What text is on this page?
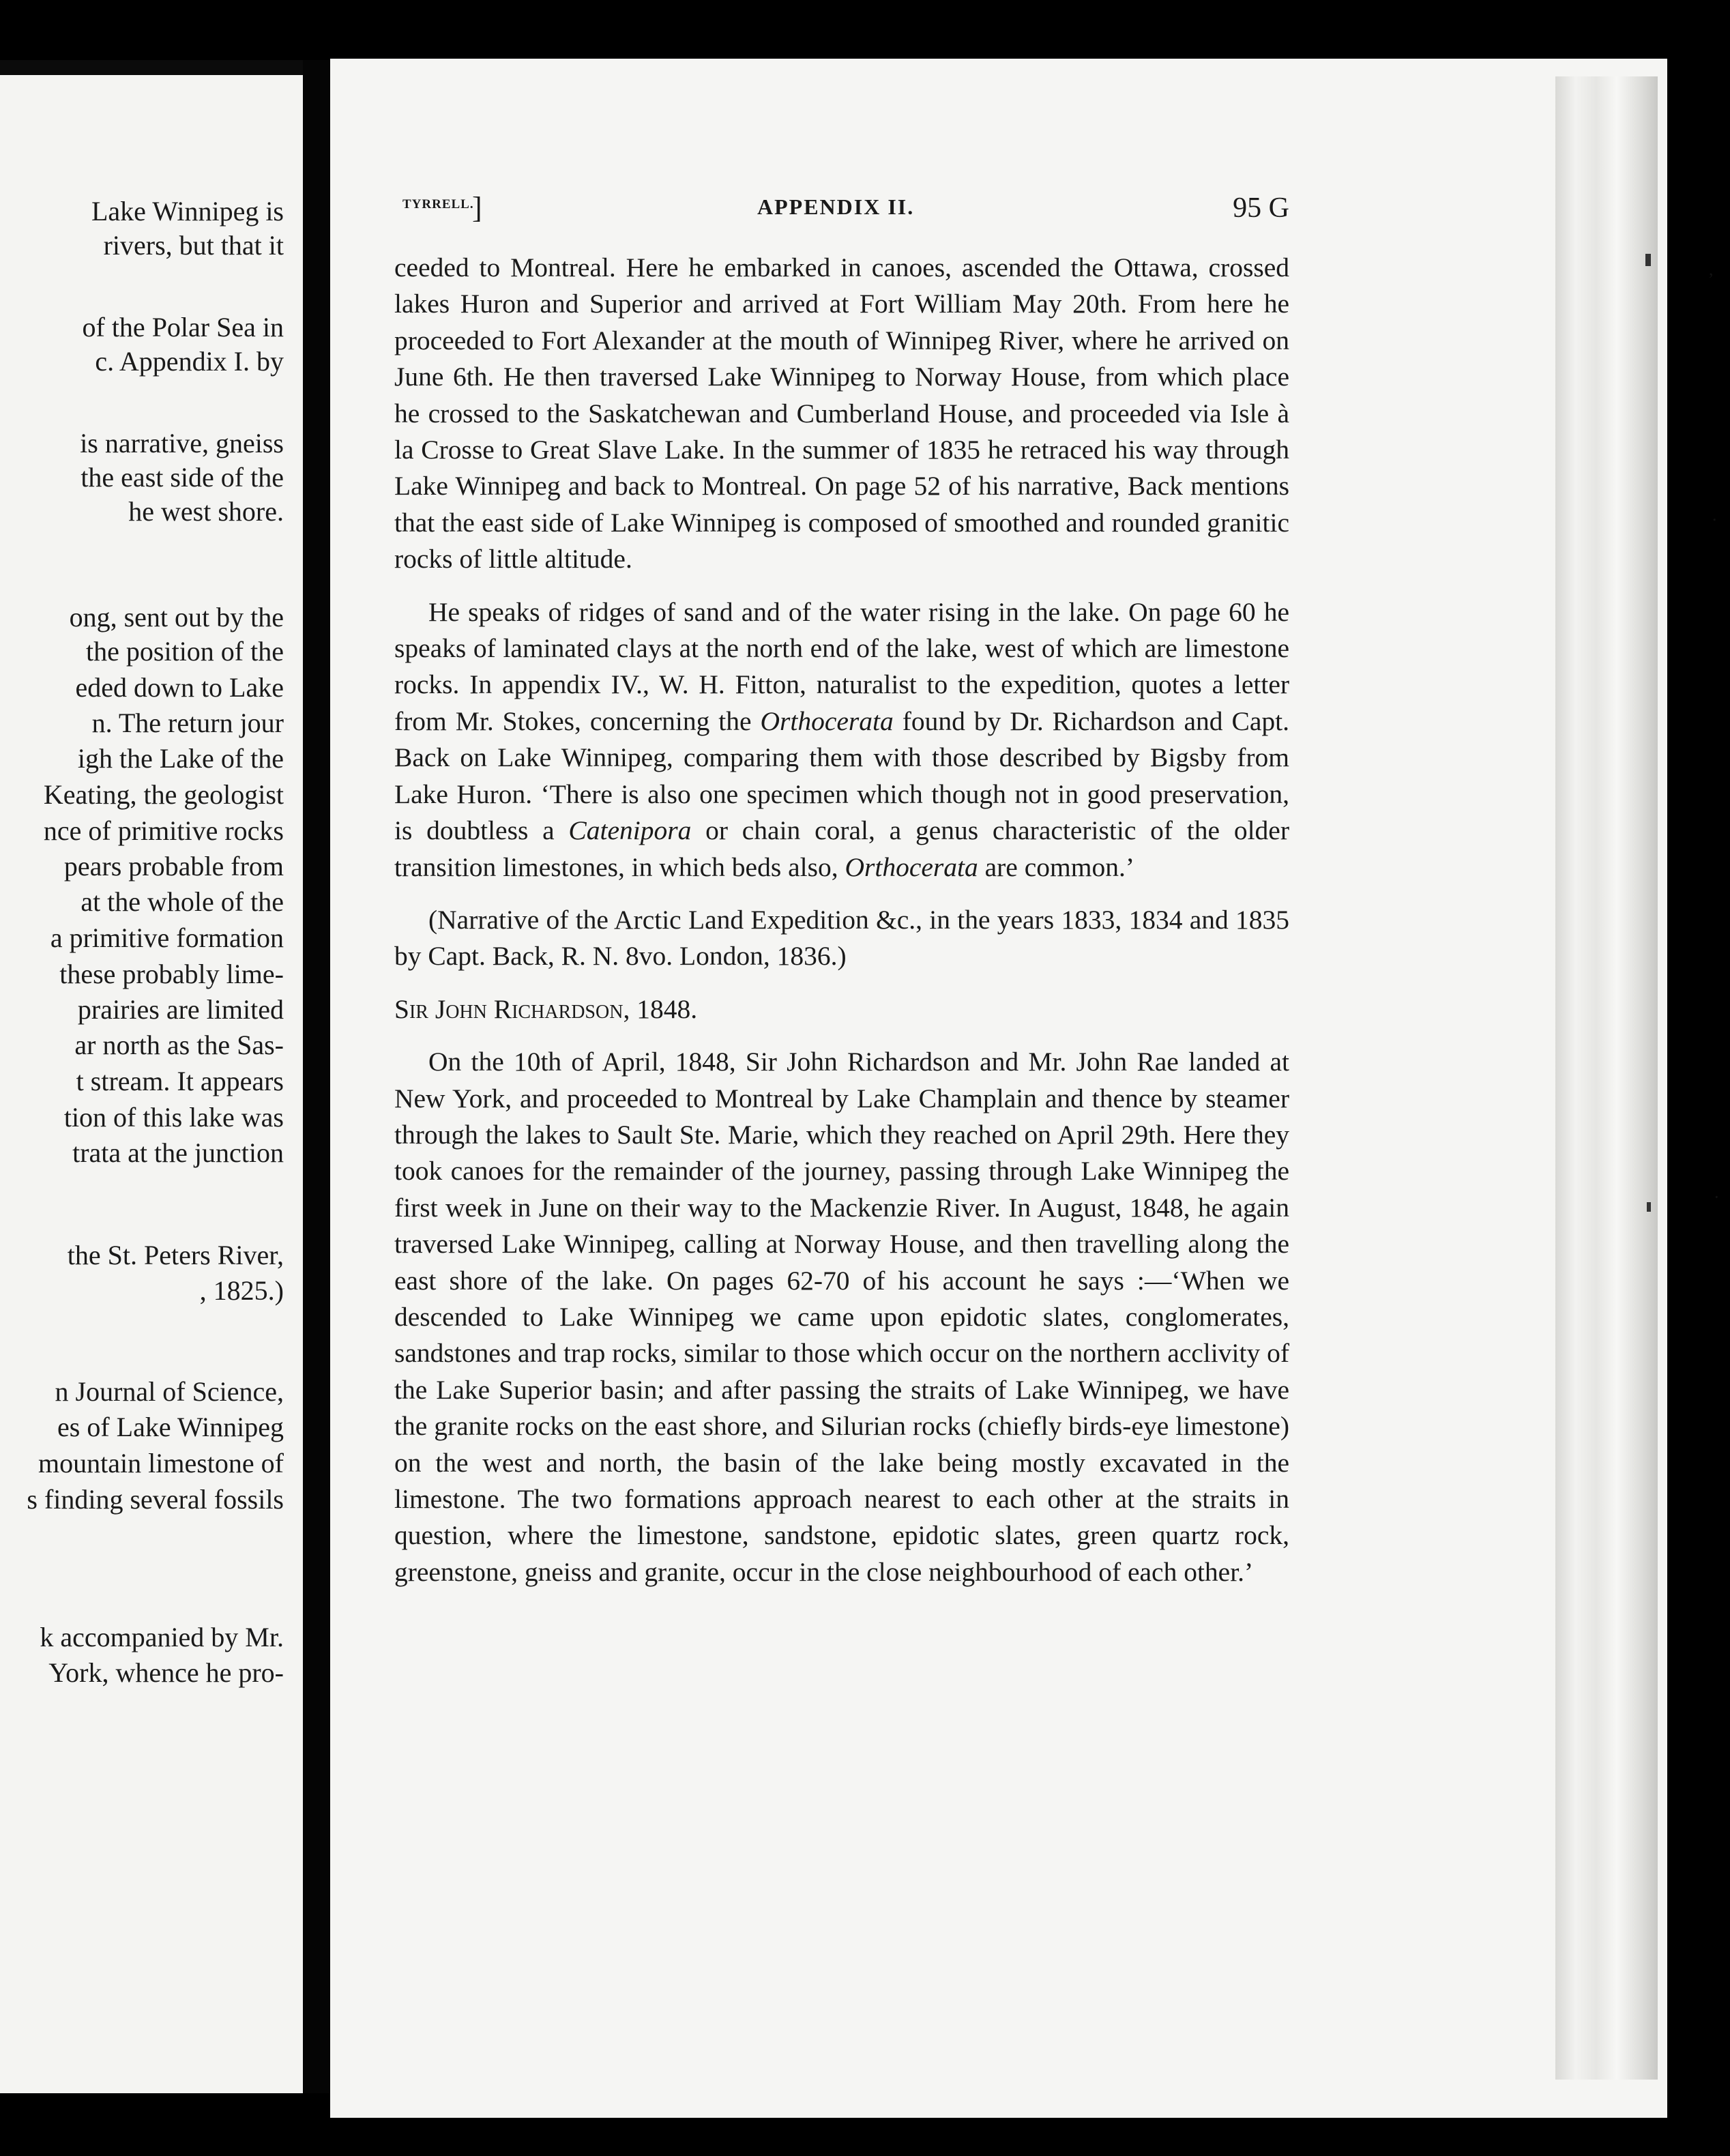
Lake Winnipeg is
rivers, but that it
of the Polar Sea in
c. Appendix I. by
is narrative, gneiss
the east side of the
he west shore.
ong, sent out by the
the position of the
eded down to Lake
n. The return jour
igh the Lake of the
Keating, the geologist
nce of primitive rocks
pears probable from
at the whole of the
a primitive formation
these probably lime-
prairies are limited
ar north as the Sas-
t stream. It appears
tion of this lake was
trata at the junction
the St. Peters River,
, 1825.)
n Journal of Science,
es of Lake Winnipeg
mountain limestone of
s finding several fossils
k accompanied by Mr.
York, whence he pro-
TYRRELL.
]	APPENDIX II.	95 G

ceeded to Montreal. Here he embarked in canoes, ascended the Ottawa, crossed lakes Huron and Superior and arrived at Fort William May 20th. From here he proceeded to Fort Alexander at the mouth of Winnipeg River, where he arrived on June 6th. He then traversed Lake Winnipeg to Norway House, from which place he crossed to the Saskatchewan and Cumberland House, and proceeded via Isle à la Crosse to Great Slave Lake. In the summer of 1835 he retraced his way through Lake Winnipeg and back to Montreal. On page 52 of his narrative, Back mentions that the east side of Lake Winnipeg is composed of smoothed and rounded granitic rocks of little altitude.

He speaks of ridges of sand and of the water rising in the lake. On page 60 he speaks of laminated clays at the north end of the lake, west of which are limestone rocks. In appendix IV., W. H. Fitton, naturalist to the expedition, quotes a letter from Mr. Stokes, concerning the Orthocerata found by Dr. Richardson and Capt. Back on Lake Winnipeg, comparing them with those described by Bigsby from Lake Huron. ‘There is also one specimen which though not in good preservation, is doubtless a Catenipora or chain coral, a genus characteristic of the older transition limestones, in which beds also, Orthocerata are common.’

(Narrative of the Arctic Land Expedition &c., in the years 1833, 1834 and 1835 by Capt. Back, R. N. 8vo. London, 1836.)

Sir John Richardson, 1848.

On the 10th of April, 1848, Sir John Richardson and Mr. John Rae landed at New York, and proceeded to Montreal by Lake Champlain and thence by steamer through the lakes to Sault Ste. Marie, which they reached on April 29th. Here they took canoes for the remainder of the journey, passing through Lake Winnipeg the first week in June on their way to the Mackenzie River. In August, 1848, he again traversed Lake Winnipeg, calling at Norway House, and then travelling along the east shore of the lake. On pages 62-70 of his account he says :—‘When we descended to Lake Winnipeg we came upon epidotic slates, conglomerates, sandstones and trap rocks, similar to those which occur on the northern acclivity of the Lake Superior basin; and after passing the straits of Lake Winnipeg, we have the granite rocks on the east shore, and Silurian rocks (chiefly birds-eye limestone) on the west and north, the basin of the lake being mostly excavated in the limestone. The two formations approach nearest to each other at the straits in question, where the limestone, sandstone, epidotic slates, green quartz rock, greenstone, gneiss and granite, occur in the close neighbourhood of each other.’

,
.
·
